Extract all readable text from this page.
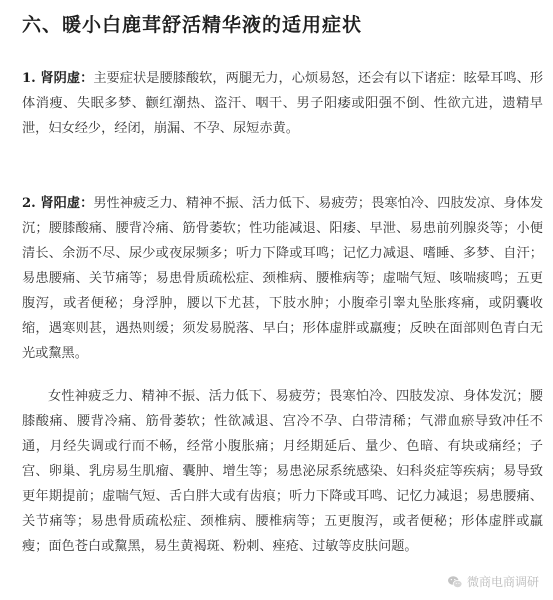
六、暖小白鹿茸舒活精华液的适用症状

1. 肾阴虚：主要症状是腰膝酸软，两腿无力，心烦易怒，还会有以下诸症：眩晕耳鸣、形体消瘦、失眠多梦、颧红潮热、盗汗、咽干、男子阳痿或阳强不倒、性欲亢进，遗精早泄，妇女经少，经闭，崩漏、不孕、尿短赤黄。

2. 肾阳虚：男性神疲乏力、精神不振、活力低下、易疲劳；畏寒怕冷、四肢发凉、身体发沉；腰膝酸痛、腰背冷痛、筋骨萎软；性功能减退、阳痿、早泄、易患前列腺炎等；小便清长、余沥不尽、尿少或夜尿频多；听力下降或耳鸣；记忆力减退、嗜睡、多梦、自汗；易患腰痛、关节痛等；易患骨质疏松症、颈椎病、腰椎病等；虚喘气短、咳喘痰鸣；五更腹泻，或者便秘；身浮肿，腰以下尤甚，下肢水肿；小腹牵引睾丸坠胀疼痛，或阴囊收缩，遇寒则甚，遇热则缓；须发易脱落、早白；形体虚胖或羸瘦；反映在面部则色青白无光或黧黑。

女性神疲乏力、精神不振、活力低下、易疲劳；畏寒怕冷、四肢发凉、身体发沉；腰膝酸痛、腰背冷痛、筋骨萎软；性欲减退、宫冷不孕、白带清稀；气滞血瘀导致冲任不通，月经失调或行而不畅，经常小腹胀痛；月经期延后、量少、色暗、有块或痛经；子宫、卵巢、乳房易生肌瘤、囊肿、增生等；易患泌尿系统感染、妇科炎症等疾病；易导致更年期提前；虚喘气短、舌白胖大或有齿痕；听力下降或耳鸣、记忆力减退；易患腰痛、关节痛等；易患骨质疏松症、颈椎病、腰椎病等；五更腹泻，或者便秘；形体虚胖或羸瘦；面色苍白或黧黑，易生黄褐斑、粉刺、痤疮、过敏等皮肤问题。

微商电商调研
